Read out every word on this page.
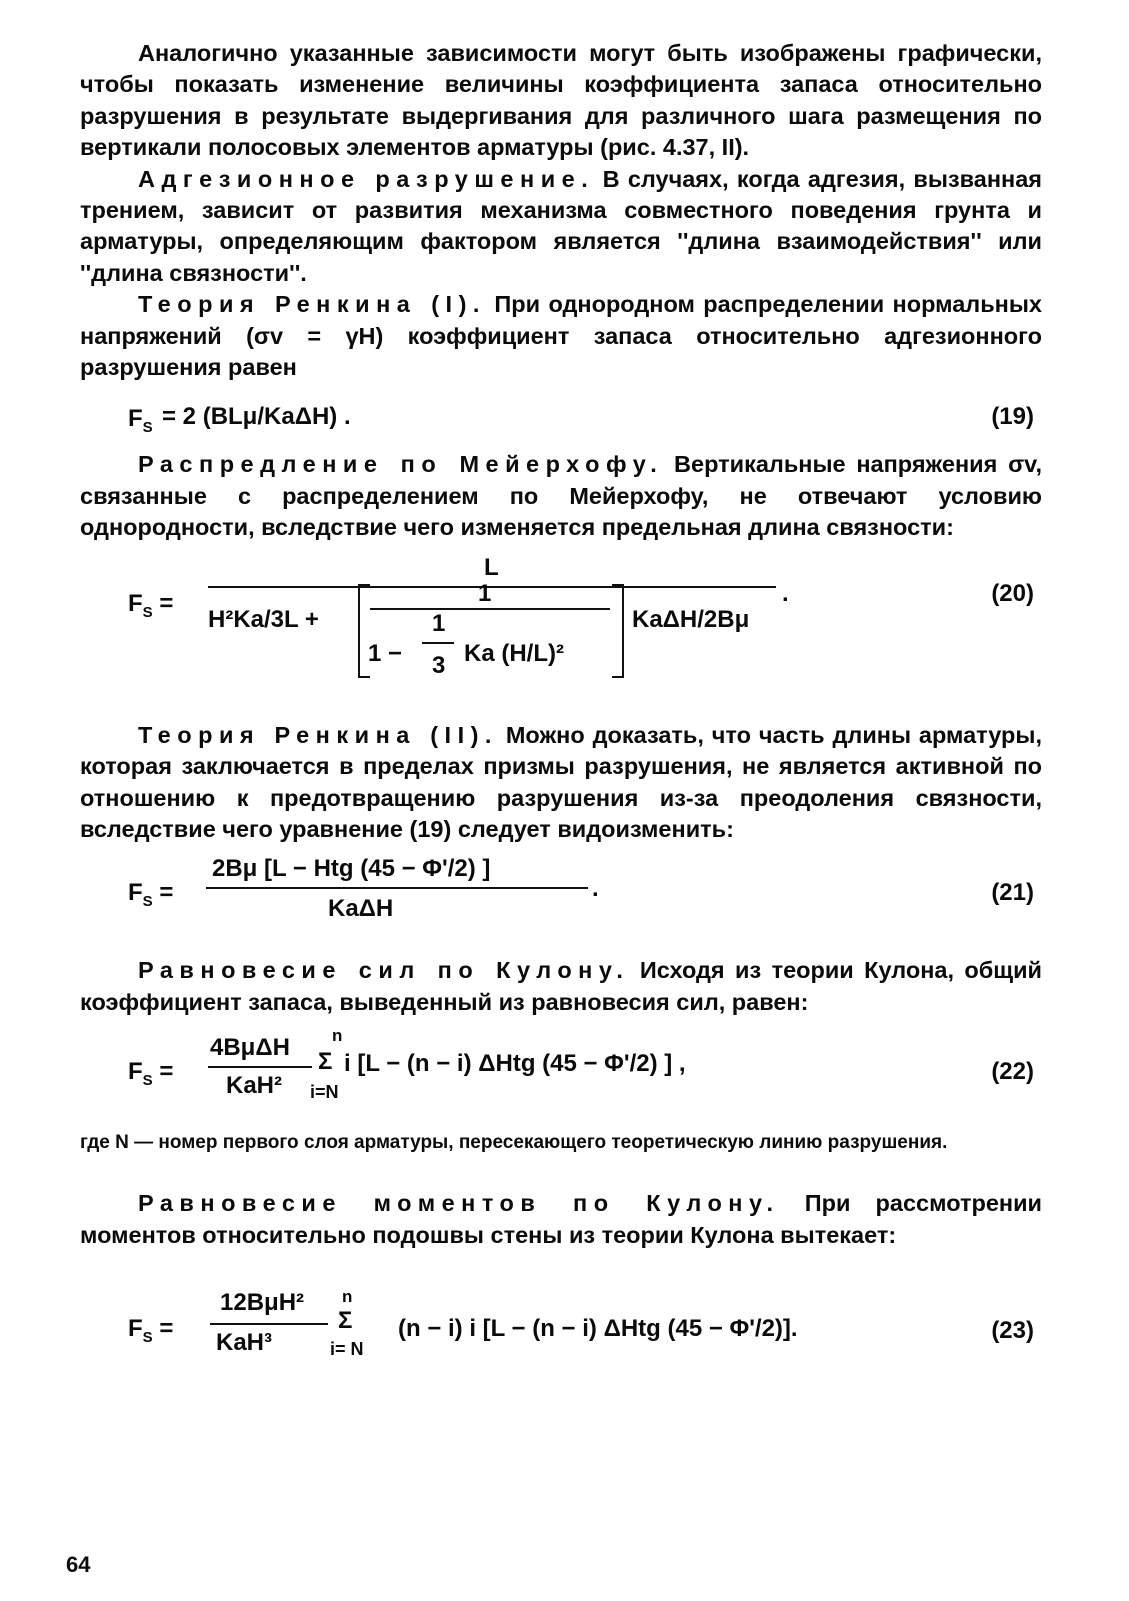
Аналогично указанные зависимости могут быть изображены графически, чтобы показать изменение величины коэффициента запаса относительно разрушения в результате выдергивания для различного шага размещения по вертикали полосовых элементов арматуры (рис. 4.37, II).

Адгезионное разрушение. В случаях, когда адгезия, вызванная трением, зависит от развития механизма совместного поведения грунта и арматуры, определяющим фактором является ''длина взаимодействия'' или ''длина связности''.

Теория Ренкина (I). При однородном распределении нормальных напряжений (σv = γH) коэффициент запаса относительно адгезионного разрушения равен

$F_S = 2$ (BLμ/KaΔH) .	(19)

Распредление по Мейерхофу. Вертикальные напряжения σv, связанные с распределением по Мейерхофу, не отвечают условию однородности, вследствие чего изменяется предельная длина связности:

$F_S$ =
L
.
H²Ka/3L +
1
1 −
1
3 Ka (H/L)²
KaΔH/2Bμ
(20)

Теория Ренкина (II). Можно доказать, что часть длины арматуры, которая заключается в пределах призмы разрушения, не является активной по отношению к предотвращению разрушения из-за преодоления связности, вследствие чего уравнение (19) следует видоизменить:

$F_S$ =
2Bμ [L − Htg (45 − Φ'/2) ]
.
KaΔH
(21)

Равновесие сил по Кулону. Исходя из теории Кулона, общий коэффициент запаса, выведенный из равновесия сил, равен:

$F_S$ =
4BμΔH
KaH²
n
Σ
i=N
i [L − (n − i) ΔHtg (45 − Φ'/2) ] ,	(22)

где N — номер первого слоя арматуры, пересекающего теоретическую линию разрушения.

Равновесие моментов по Кулону. При рассмотрении моментов относительно подошвы стены из теории Кулона вытекает:

$F_S$ =
12BμH²
KaH³
n
Σ
i= N
(n − i) i [L − (n − i) ΔHtg (45 − Φ'/2)].	(23)
64
